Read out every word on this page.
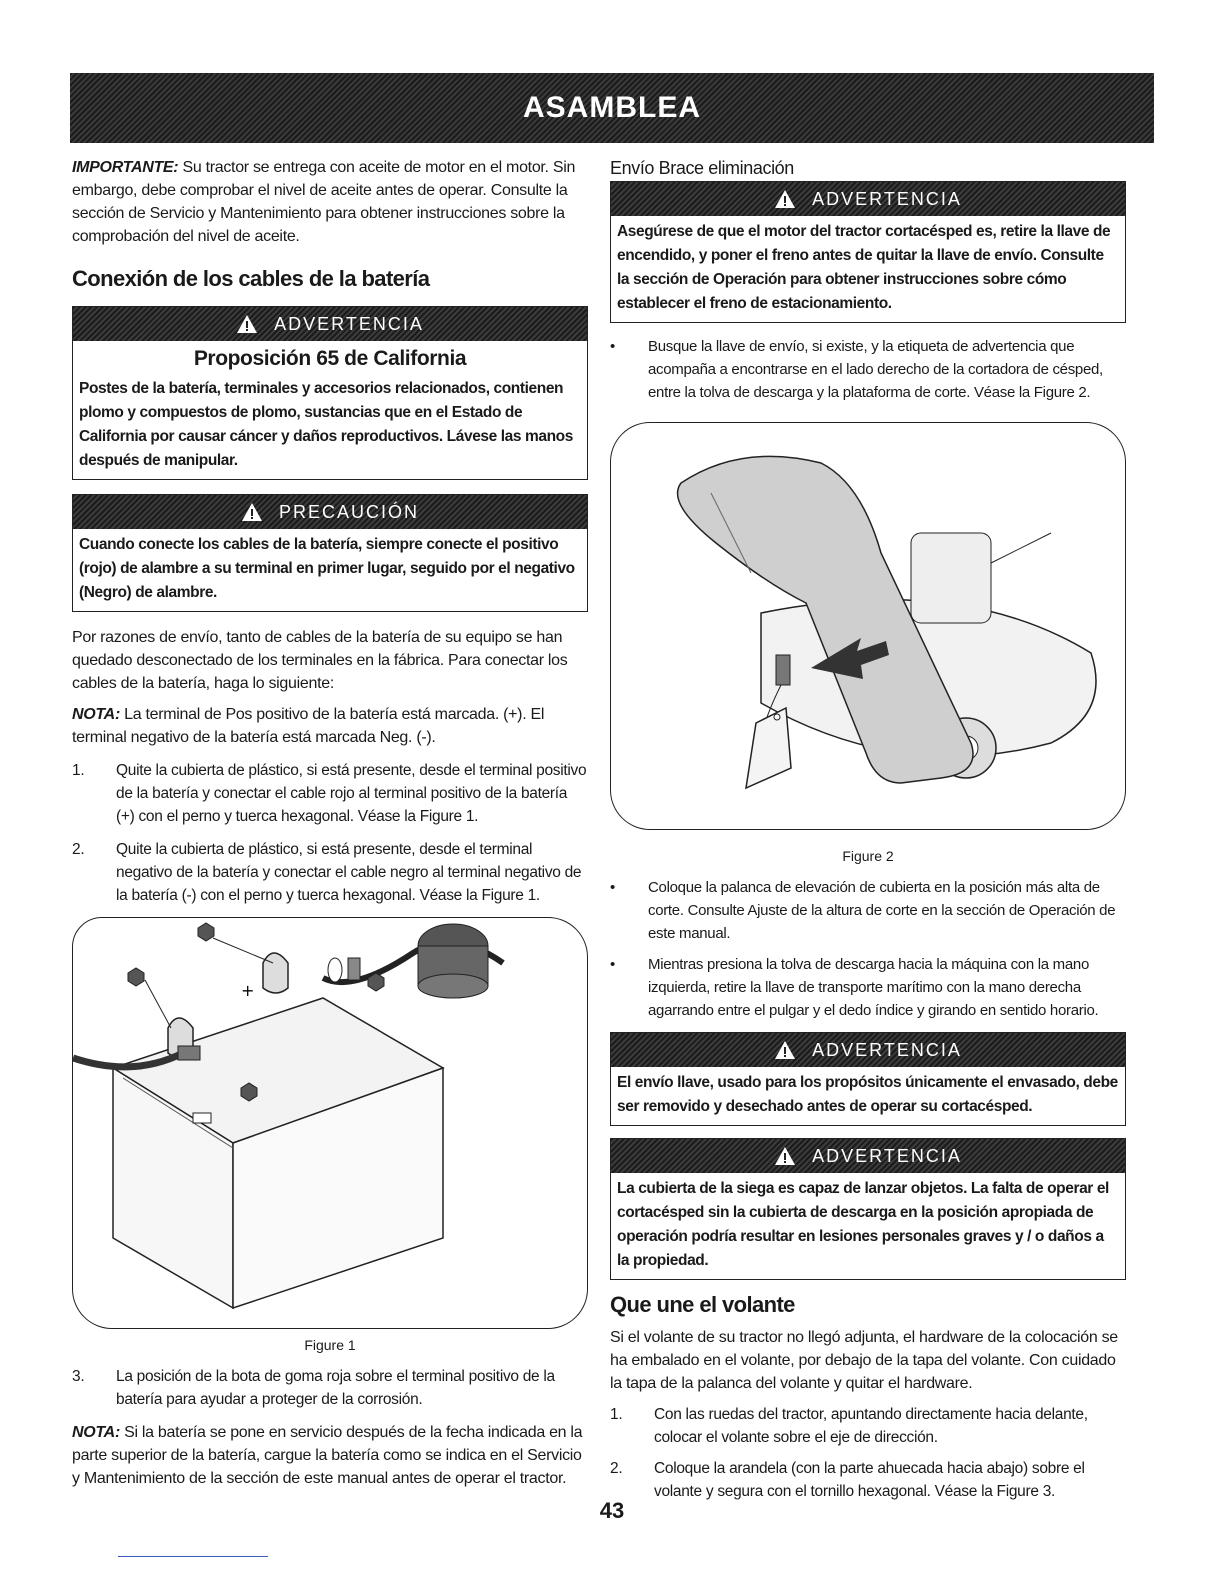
ASAMBLEA

IMPORTANTE: Su tractor se entrega con aceite de motor en el motor. Sin embargo, debe comprobar el nivel de aceite antes de operar. Consulte la sección de Servicio y Mantenimiento para obtener instrucciones sobre la comprobación del nivel de aceite.

Conexión de los cables de la batería
ADVERTENCIA
Proposición 65 de California
Postes de la batería, terminales y accesorios relacionados, contienen plomo y compuestos de plomo, sustancias que en el Estado de California por causar cáncer y daños reproductivos. Lávese las manos después de manipular.
PRECAUCIÓN
Cuando conecte los cables de la batería, siempre conecte el positivo (rojo) de alambre a su terminal en primer lugar, seguido por el negativo (Negro) de alambre.

Por razones de envío, tanto de cables de la batería de su equipo se han quedado desconectado de los terminales en la fábrica. Para conectar los cables de la batería, haga lo siguiente:

NOTA: La terminal de Pos positivo de la batería está marcada. (+). El terminal negativo de la batería está marcada Neg. (-).

1.	Quite la cubierta de plástico, si está presente, desde el terminal positivo de la batería y conectar el cable rojo al terminal positivo de la batería (+) con el perno y tuerca hexagonal. Véase la Figure 1.
2.	Quite la cubierta de plástico, si está presente, desde el terminal negativo de la batería y conectar el cable negro al terminal negativo de la batería (-) con el perno y tuerca hexagonal. Véase la Figure 1.
+
Figure 1
3.	La posición de la bota de goma roja sobre el terminal positivo de la batería para ayudar a proteger de la corrosión.

NOTA: Si la batería se pone en servicio después de la fecha indicada en la parte superior de la batería, cargue la batería como se indica en el Servicio y Mantenimiento de la sección de este manual antes de operar el tractor.

Envío Brace eliminación
ADVERTENCIA
Asegúrese de que el motor del tractor cortacésped es, retire la llave de encendido, y poner el freno antes de quitar la llave de envío. Consulte la sección de Operación para obtener instrucciones sobre cómo establecer el freno de estacionamiento.
•	Busque la llave de envío, si existe, y la etiqueta de advertencia que acompaña a encontrarse en el lado derecho de la cortadora de césped, entre la tolva de descarga y la plataforma de corte. Véase la Figure 2.
Figure 2
•	Coloque la palanca de elevación de cubierta en la posición más alta de corte. Consulte Ajuste de la altura de corte en la sección de Operación de este manual.
•	Mientras presiona la tolva de descarga hacia la máquina con la mano izquierda, retire la llave de transporte marítimo con la mano derecha agarrando entre el pulgar y el dedo índice y girando en sentido horario.
ADVERTENCIA
El envío llave, usado para los propósitos únicamente el envasado, debe ser removido y desechado antes de operar su cortacésped.
ADVERTENCIA
La cubierta de la siega es capaz de lanzar objetos. La falta de operar el cortacésped sin la cubierta de descarga en la posición apropiada de operación podría resultar en lesiones personales graves y / o daños a la propiedad.
Que une el volante

Si el volante de su tractor no llegó adjunta, el hardware de la colocación se ha embalado en el volante, por debajo de la tapa del volante. Con cuidado la tapa de la palanca del volante y quitar el hardware.

1.	Con las ruedas del tractor, apuntando directamente hacia delante, colocar el volante sobre el eje de dirección.
2.	Coloque la arandela (con la parte ahuecada hacia abajo) sobre el volante y segura con el tornillo hexagonal. Véase la Figure 3.
43
